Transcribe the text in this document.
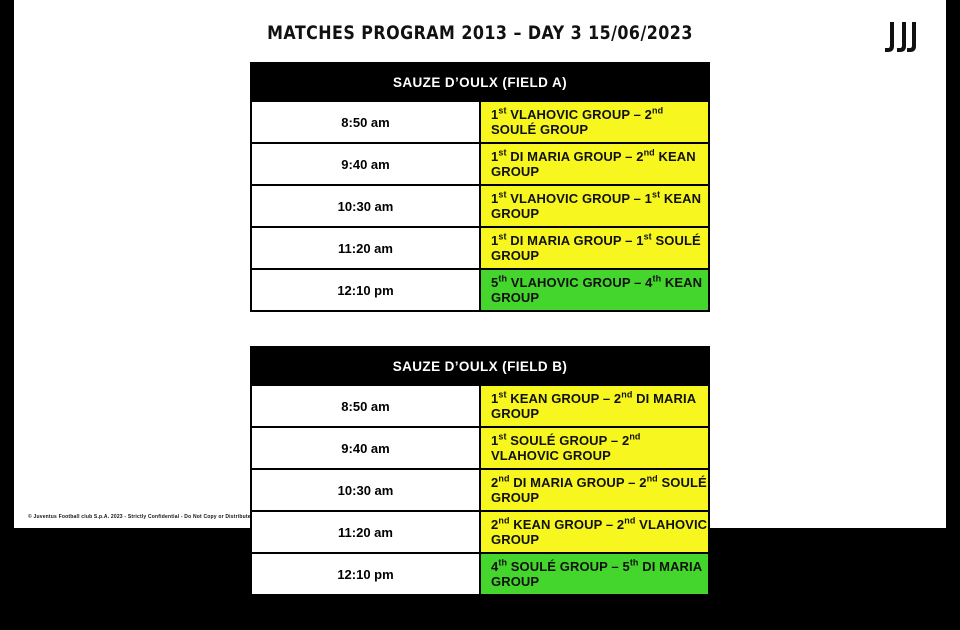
MATCHES PROGRAM 2013 – DAY 3 15/06/2023
SAUZE D’OULX (FIELD A)	
8:50 am	1st VLAHOVIC GROUP – 2nd SOULÉ GROUP
9:40 am	1st DI MARIA GROUP – 2nd KEAN GROUP
10:30 am	1st VLAHOVIC GROUP – 1st KEAN GROUP
11:20 am	1st DI MARIA GROUP – 1st SOULÉ GROUP
12:10 pm	5th VLAHOVIC GROUP – 4th KEAN GROUP
SAUZE D’OULX (FIELD B)	
8:50 am	1st KEAN GROUP – 2nd DI MARIA GROUP
9:40 am	1st SOULÉ GROUP – 2nd VLAHOVIC GROUP
10:30 am	2nd DI MARIA GROUP – 2nd SOULÉ GROUP
11:20 am	2nd KEAN GROUP – 2nd VLAHOVIC GROUP
12:10 pm	4th SOULÉ GROUP – 5th DI MARIA GROUP
© Juventus Football club S.p.A. 2023 - Strictly Confidential - Do Not Copy or Distribute
